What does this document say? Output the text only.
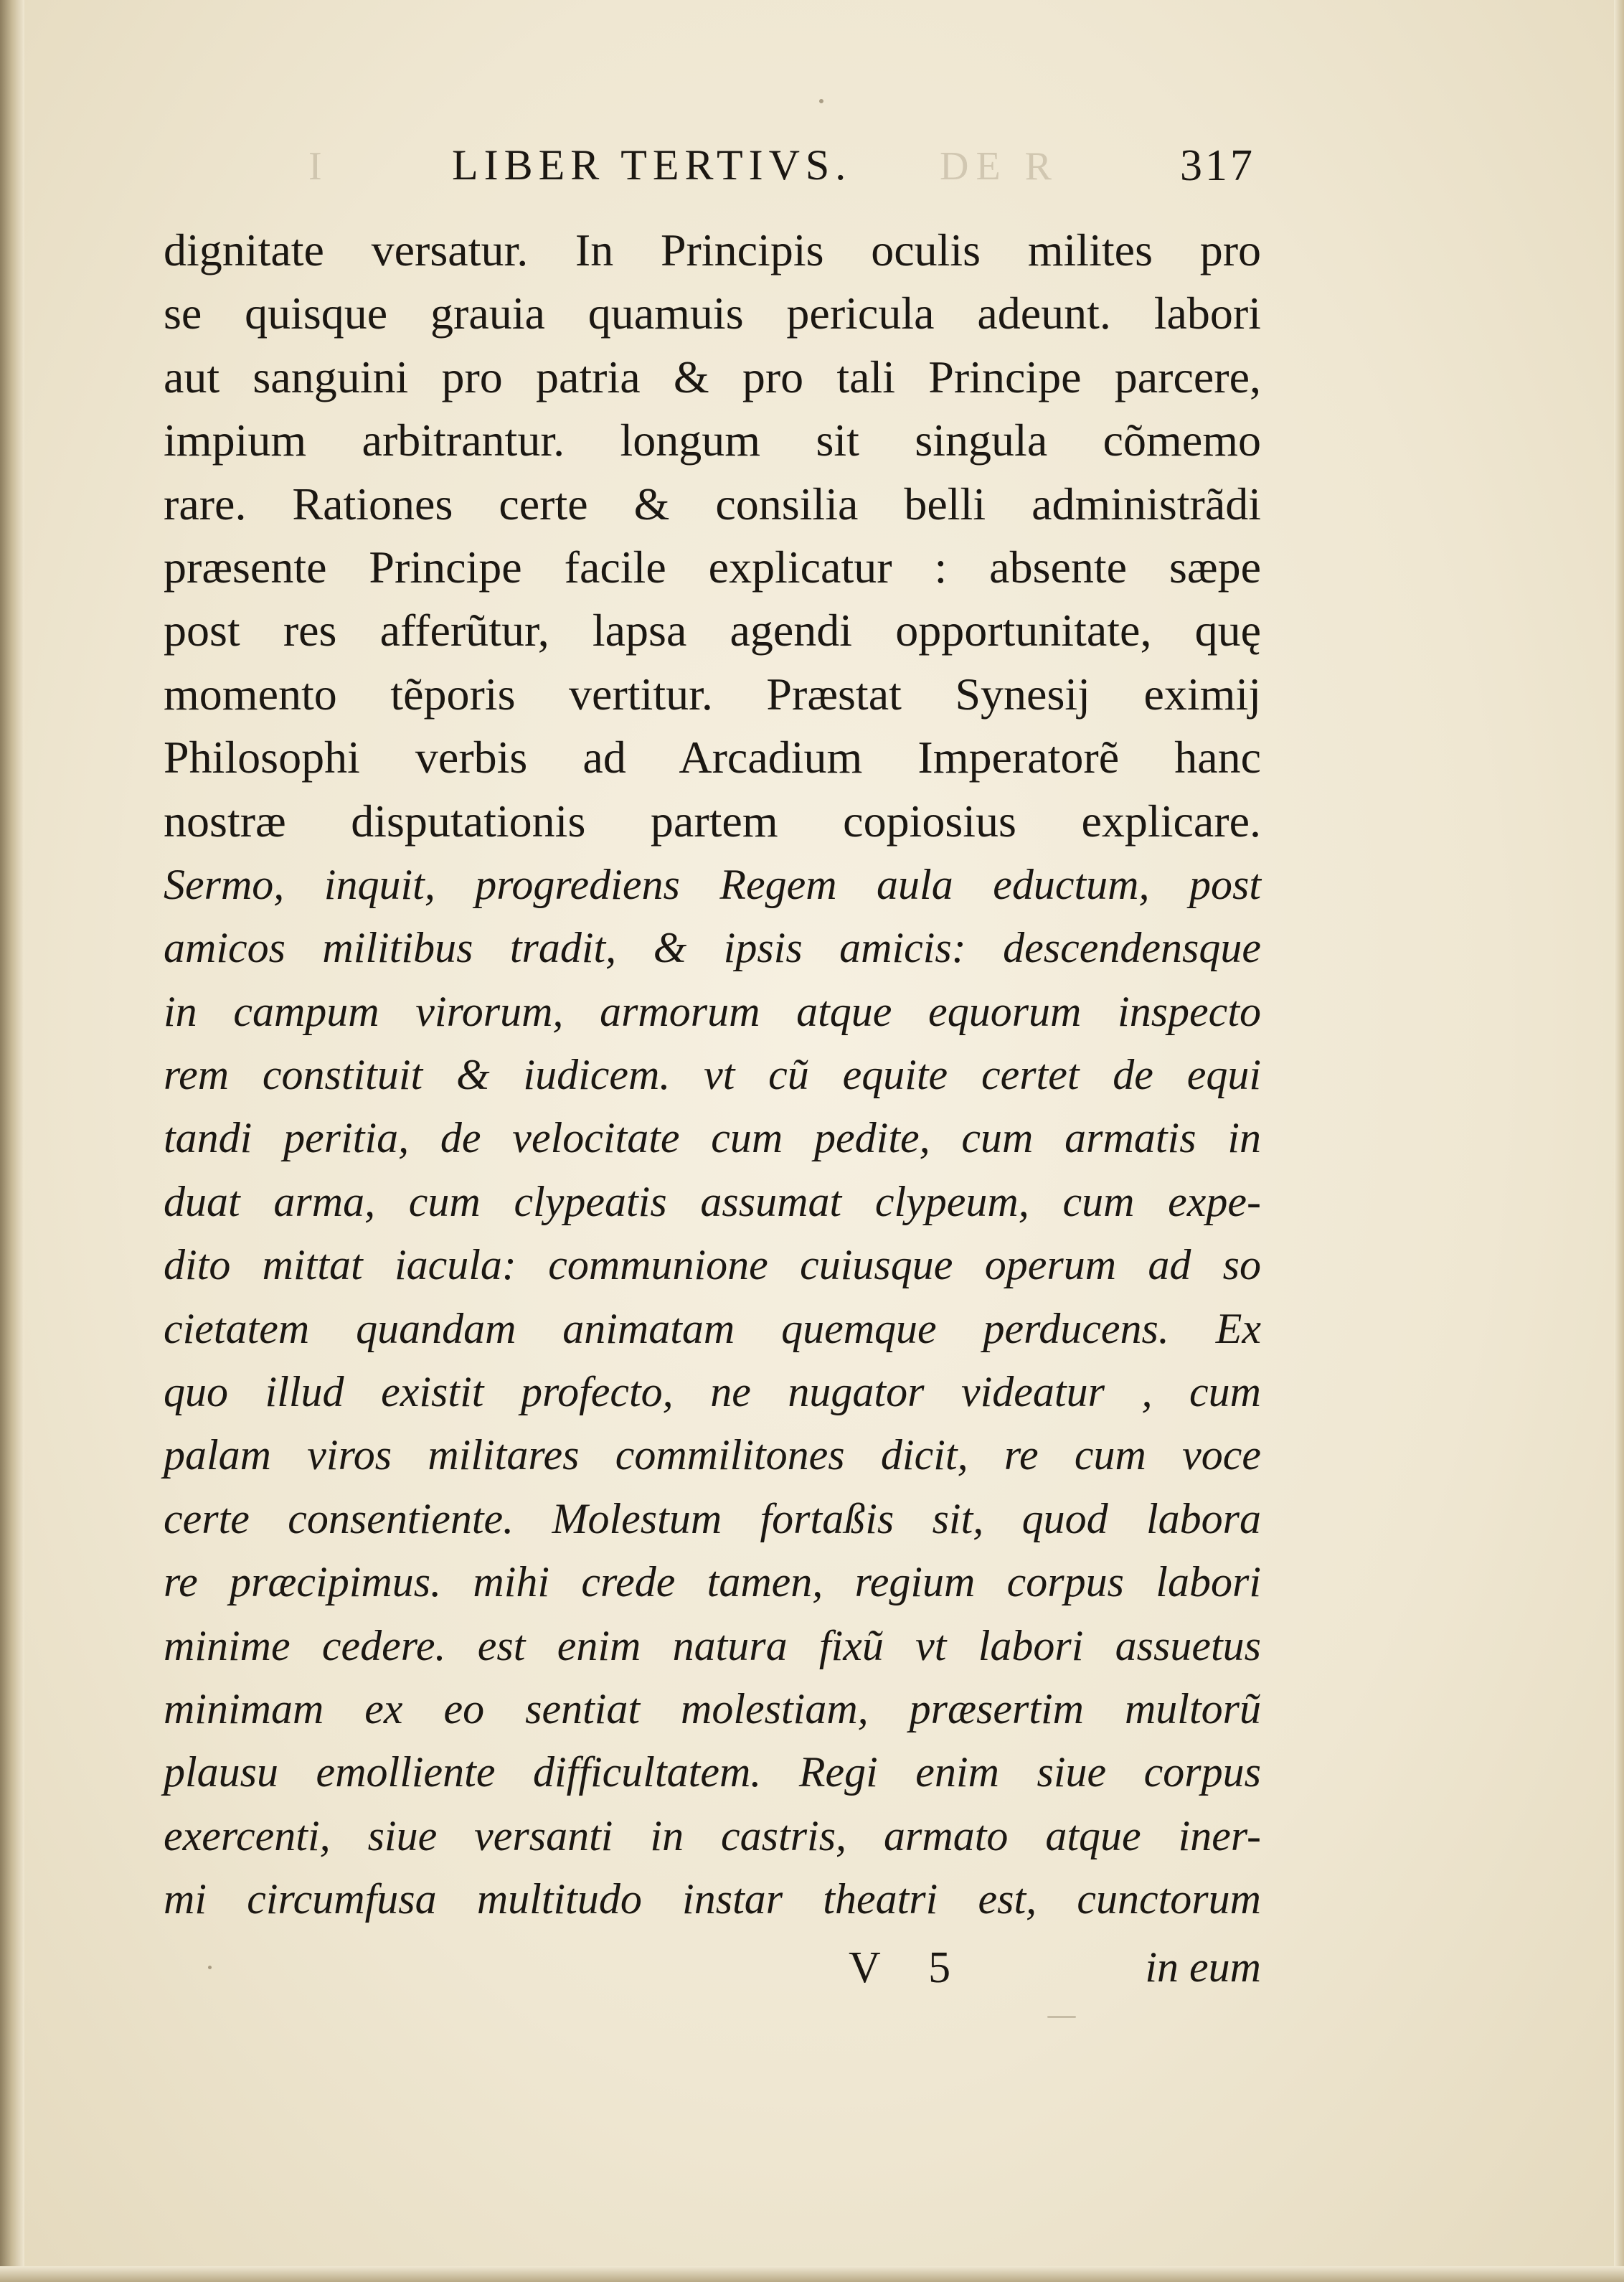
I	LIBER TERTIVS. DE R	317
dignitate versatur. In Principis oculis milites pro
se quisque grauia quamuis pericula adeunt. labori
aut sanguini pro patria & pro tali Principe parcere,
impium arbitrantur. longum sit singula cõmemo
rare. Rationes certe & consilia belli administrãdi
præsente Principe facile explicatur : absente sæpe
post res afferũtur, lapsa agendi opportunitate, quę
momento tẽporis vertitur. Præstat Synesij eximij
Philosophi verbis ad Arcadium Imperatorẽ hanc
nostræ disputationis partem copiosius explicare.
Sermo, inquit, progrediens Regem aula eductum, post
amicos militibus tradit, & ipsis amicis: descendensque
in campum virorum, armorum atque equorum inspecto
rem constituit & iudicem. vt cũ equite certet de equi
tandi peritia, de velocitate cum pedite, cum armatis in
duat arma, cum clypeatis assumat clypeum, cum expe-
dito mittat iacula: communione cuiusque operum ad so
cietatem quandam animatam quemque perducens. Ex
quo illud existit profecto, ne nugator videatur , cum
palam viros militares commilitones dicit, re cum voce
certe consentiente. Molestum fortaßis sit, quod labora
re præcipimus. mihi crede tamen, regium corpus labori
minime cedere. est enim natura fixũ vt labori assuetus
minimam ex eo sentiat molestiam, præsertim multorũ
plausu emolliente difficultatem. Regi enim siue corpus
exercenti, siue versanti in castris, armato atque iner-
mi circumfusa multitudo instar theatri est, cunctorum
V 5	in eum
